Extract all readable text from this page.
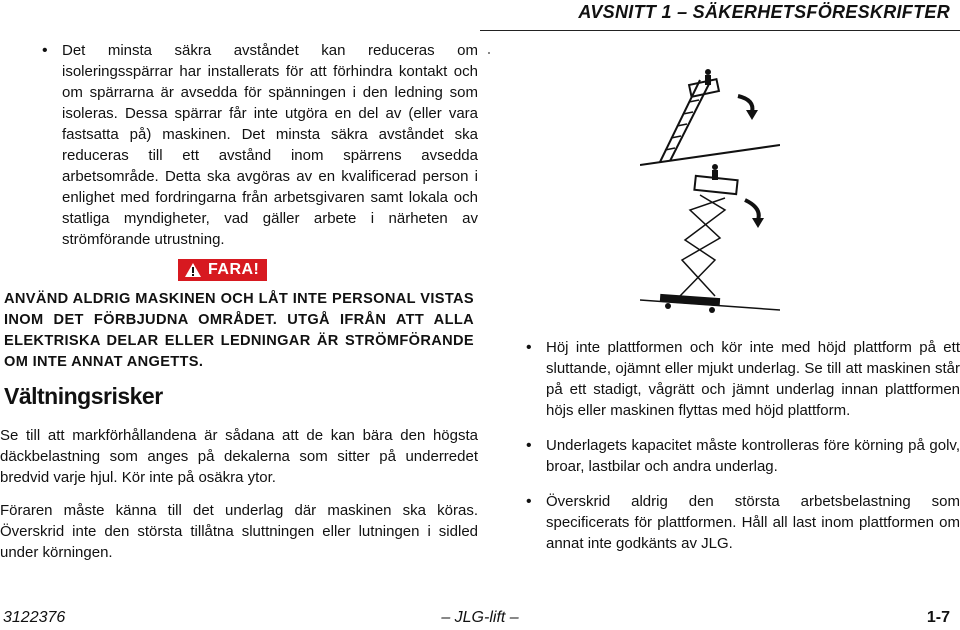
AVSNITT 1 – SÄKERHETSFÖRESKRIFTER
• Det minsta säkra avståndet kan reduceras om isoleringsspärrar har installerats för att förhindra kontakt och om spärrarna är avsedda för spänningen i den ledning som isoleras. Dessa spärrar får inte utgöra en del av (eller vara fastsatta på) maskinen. Det minsta säkra avståndet ska reduceras till ett avstånd inom spärrens avsedda arbetsområde. Detta ska avgöras av en kvalificerad person i enlighet med fordringarna från arbetsgivaren samt lokala och statliga myndigheter, vad gäller arbete i närheten av strömförande utrustning.
FARA!
ANVÄND ALDRIG MASKINEN OCH LÅT INTE PERSONAL VISTAS INOM DET FÖRBJUDNA OMRÅDET. UTGÅ IFRÅN ATT ALLA ELEKTRISKA DELAR ELLER LEDNINGAR ÄR STRÖMFÖRANDE OM INTE ANNAT ANGETTS.
Vältningsrisker
• Se till att markförhållandena är sådana att de kan bära den högsta däckbelastning som anges på dekalerna som sitter på underredet bredvid varje hjul. Kör inte på osäkra ytor.
• Föraren måste känna till det underlag där maskinen ska köras. Överskrid inte den största tillåtna sluttningen eller lutningen i sidled under körningen.
• Höj inte plattformen och kör inte med höjd plattform på ett sluttande, ojämnt eller mjukt underlag. Se till att maskinen står på ett stadigt, vågrätt och jämnt underlag innan plattformen höjs eller maskinen flyttas med höjd plattform.
• Underlagets kapacitet måste kontrolleras före körning på golv, broar, lastbilar och andra underlag.
• Överskrid aldrig den största arbetsbelastning som specificerats för plattformen. Håll all last inom plattformen om annat inte godkänts av JLG.
3122376	– JLG-lift –	1-7
